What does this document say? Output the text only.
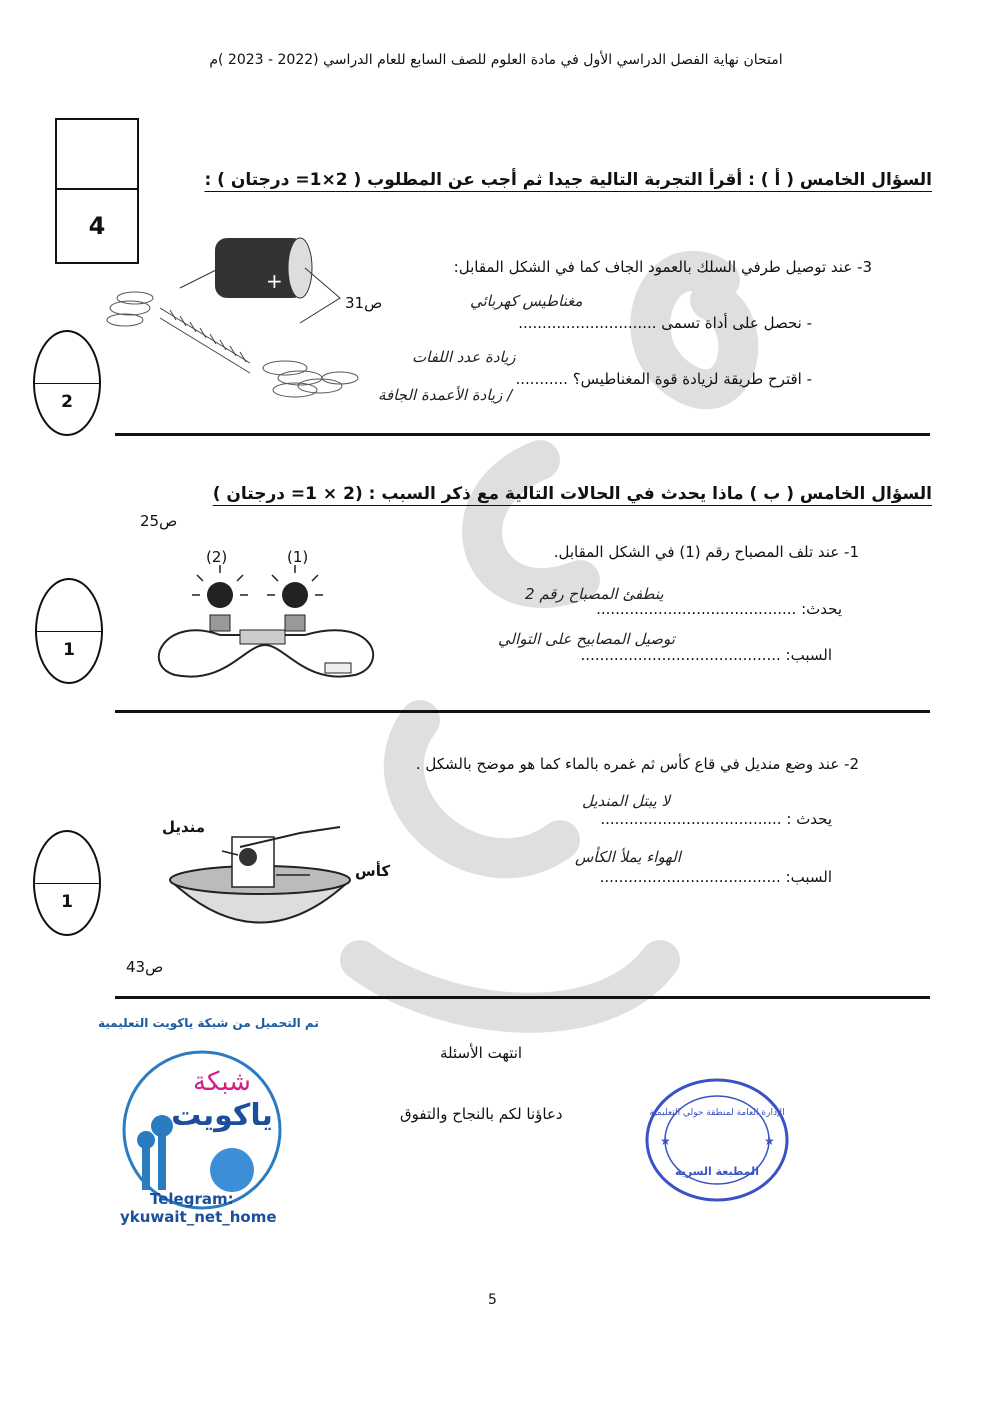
امتحان نهاية الفصل الدراسي الأول في مادة العلوم للصف السابع للعام الدراسي (2022 - 2023 )م
4
السؤال الخامس ( أ ) : أقرأ التجربة التالية جيدا ثم أجب عن المطلوب ( 2×1= درجتان ) :
+
3- عند توصيل طرفي السلك بالعمود الجاف كما في الشكل المقابل:
مغناطيس كهربائي
ص31
- نحصل على أداة تسمى .............................
زيادة عدد اللفات
- اقترح طريقة لزيادة قوة المغناطيس؟ ...........
/ زيادة الأعمدة الجافة
2
السؤال الخامس ( ب ) ماذا يحدث في الحالات التالية مع ذكر السبب : (2 × 1= درجتان )
ص25
1- عند تلف المصباح رقم (1) في الشكل المقابل.
(2)	(1)
ينطفئ المصباح رقم 2
يحدث: ..........................................
توصيل المصابيح على التوالي
السبب: ..........................................
1
2- عند وضع منديل في قاع كأس ثم غمره بالماء كما هو موضح بالشكل .
لا يبتل المنديل
يحدث : ......................................
الهواء يملأ الكأس
السبب: ......................................
منديل
كأس
ص43
1
تم التحميل من شبكة ياكويت التعليمية
شبكة
ياكويت
Telegram:
ykuwait_net_home
انتهت الأسئلة
دعاؤنا لكم بالنجاح والتفوق	الإدارة العامة لمنطقة حولي التعليمية
المطبعة السرية
★	★
5
